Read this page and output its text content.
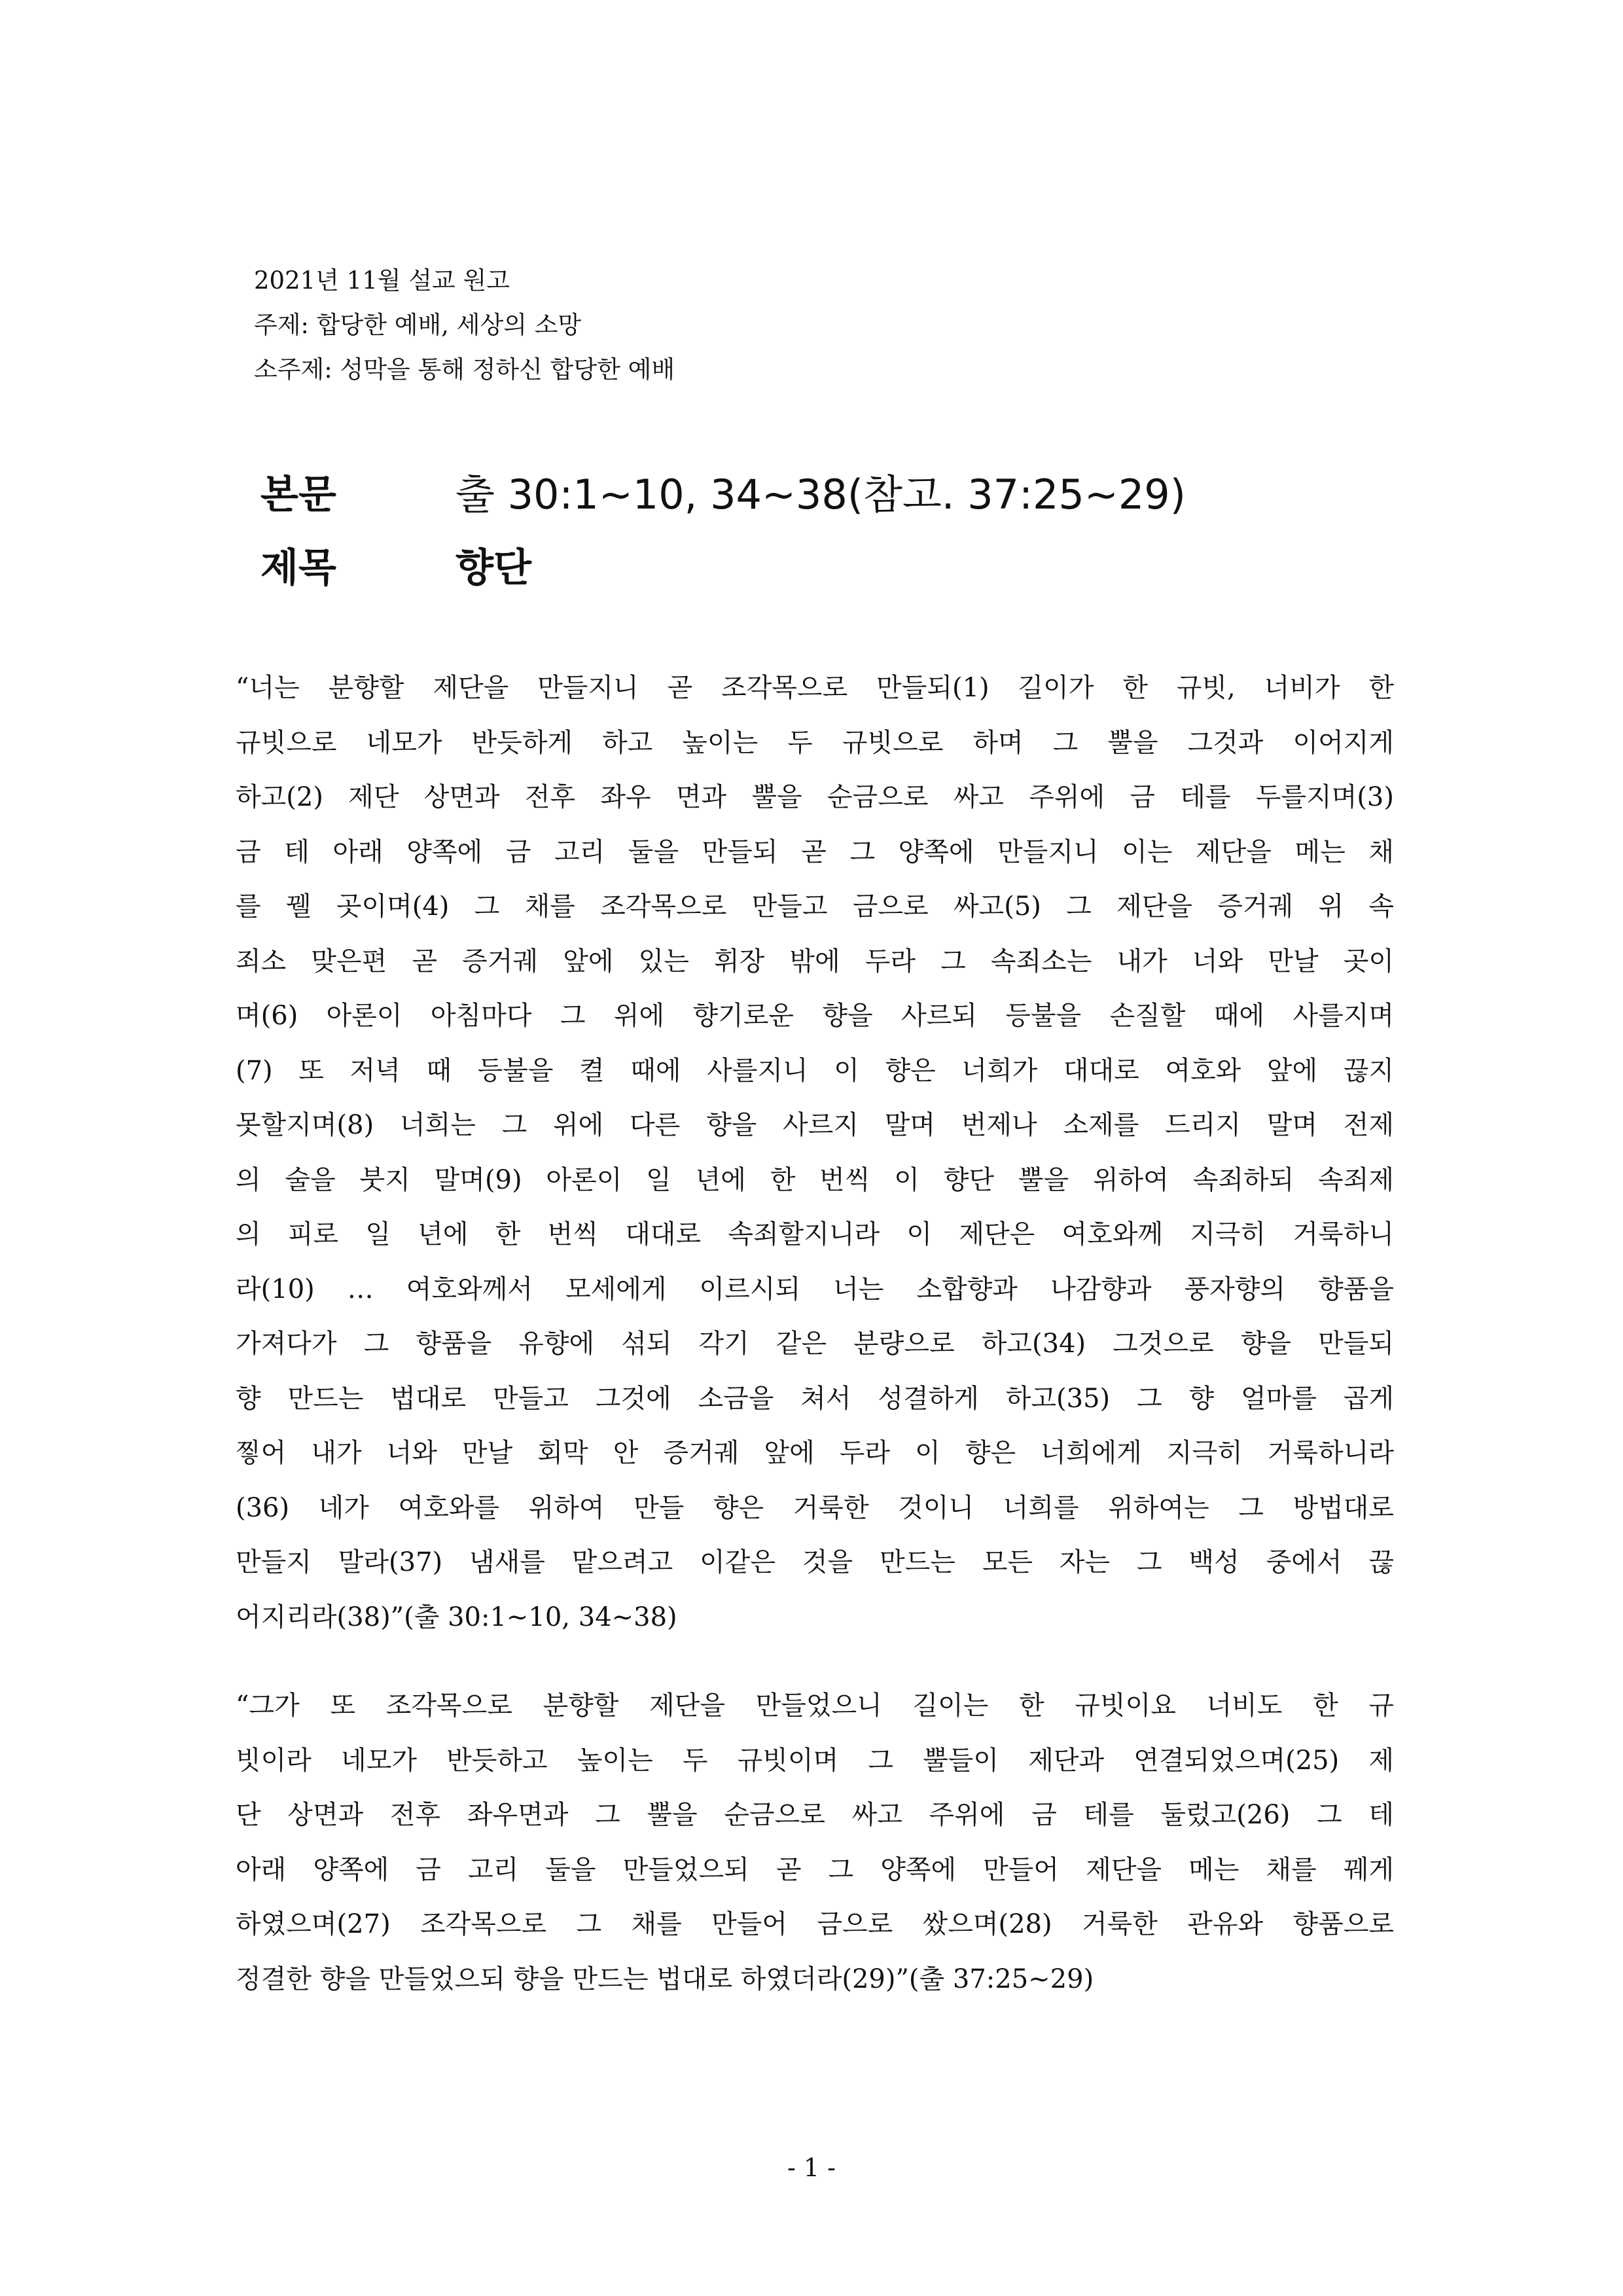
2021년 11월 설교 원고
주제: 합당한 예배, 세상의 소망
소주제: 성막을 통해 정하신 합당한 예배
본문	출 30:1~10, 34~38(참고. 37:25~29)
제목	향단
“너는 분향할 제단을 만들지니 곧 조각목으로 만들되(1) 길이가 한 규빗, 너비가 한
규빗으로 네모가 반듯하게 하고 높이는 두 규빗으로 하며 그 뿔을 그것과 이어지게
하고(2) 제단 상면과 전후 좌우 면과 뿔을 순금으로 싸고 주위에 금 테를 두를지며(3)
금 테 아래 양쪽에 금 고리 둘을 만들되 곧 그 양쪽에 만들지니 이는 제단을 메는 채
를 꿸 곳이며(4) 그 채를 조각목으로 만들고 금으로 싸고(5) 그 제단을 증거궤 위 속
죄소 맞은편 곧 증거궤 앞에 있는 휘장 밖에 두라 그 속죄소는 내가 너와 만날 곳이
며(6) 아론이 아침마다 그 위에 향기로운 향을 사르되 등불을 손질할 때에 사를지며
(7) 또 저녁 때 등불을 켤 때에 사를지니 이 향은 너희가 대대로 여호와 앞에 끊지
못할지며(8) 너희는 그 위에 다른 향을 사르지 말며 번제나 소제를 드리지 말며 전제
의 술을 붓지 말며(9) 아론이 일 년에 한 번씩 이 향단 뿔을 위하여 속죄하되 속죄제
의 피로 일 년에 한 번씩 대대로 속죄할지니라 이 제단은 여호와께 지극히 거룩하니
라(10) … 여호와께서 모세에게 이르시되 너는 소합향과 나감향과 풍자향의 향품을
가져다가 그 향품을 유향에 섞되 각기 같은 분량으로 하고(34) 그것으로 향을 만들되
향 만드는 법대로 만들고 그것에 소금을 쳐서 성결하게 하고(35) 그 향 얼마를 곱게
찧어 내가 너와 만날 회막 안 증거궤 앞에 두라 이 향은 너희에게 지극히 거룩하니라
(36) 네가 여호와를 위하여 만들 향은 거룩한 것이니 너희를 위하여는 그 방법대로
만들지 말라(37) 냄새를 맡으려고 이같은 것을 만드는 모든 자는 그 백성 중에서 끊
어지리라(38)”(출 30:1~10, 34~38)
“그가 또 조각목으로 분향할 제단을 만들었으니 길이는 한 규빗이요 너비도 한 규
빗이라 네모가 반듯하고 높이는 두 규빗이며 그 뿔들이 제단과 연결되었으며(25) 제
단 상면과 전후 좌우면과 그 뿔을 순금으로 싸고 주위에 금 테를 둘렀고(26) 그 테
아래 양쪽에 금 고리 둘을 만들었으되 곧 그 양쪽에 만들어 제단을 메는 채를 꿰게
하였으며(27) 조각목으로 그 채를 만들어 금으로 쌌으며(28) 거룩한 관유와 향품으로
정결한 향을 만들었으되 향을 만드는 법대로 하였더라(29)”(출 37:25~29)
- 1 -
